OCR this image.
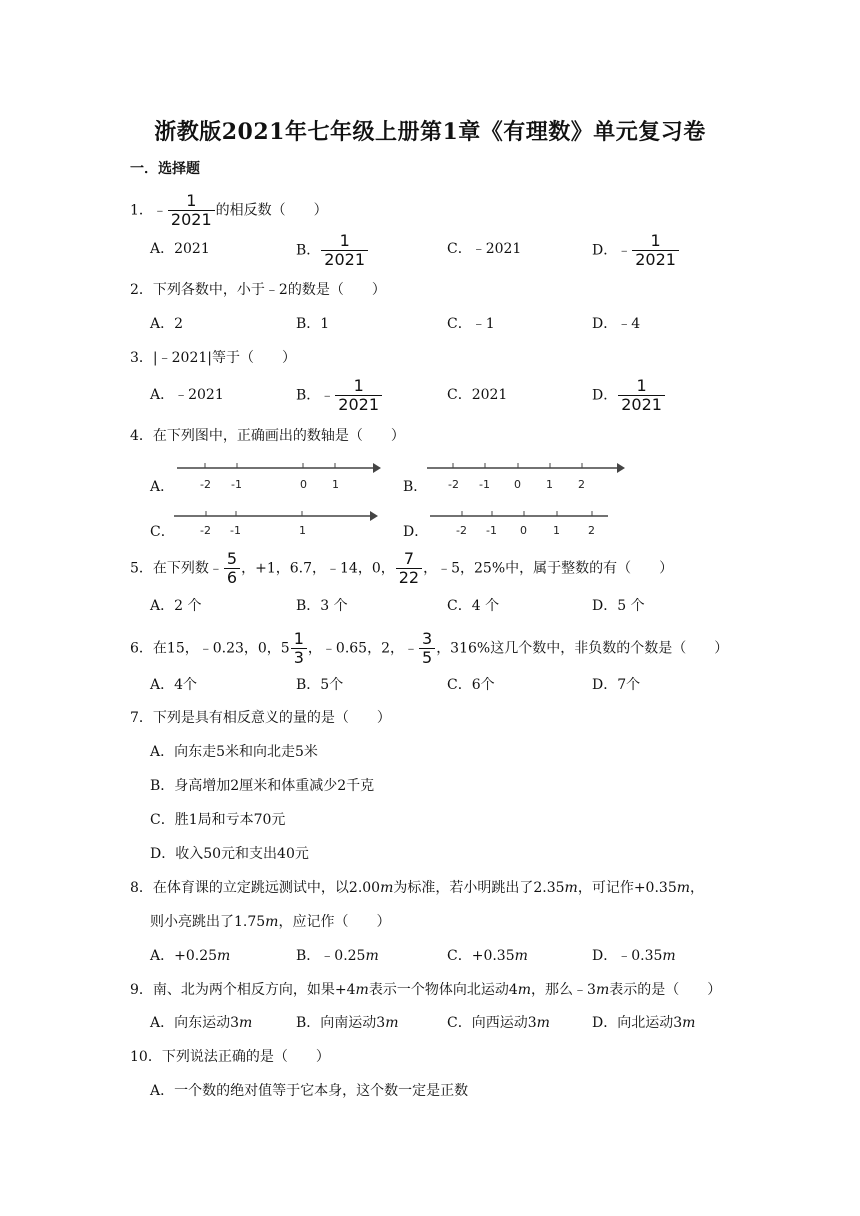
浙教版2021年七年级上册第1章《有理数》单元复习卷
一．选择题
1．﹣ $\frac{1}{2021}$ 的相反数（　　）
A．2021	B． $\frac{1}{2021}$	C．﹣2021	D．﹣ $\frac{1}{2021}$
2．下列各数中，小于﹣2的数是（　　）
A．2	B．1	C．﹣1	D．﹣4
3．|﹣2021|等于（　　）
A．﹣2021	B．﹣ $\frac{1}{2021}$	C．2021	D． $\frac{1}{2021}$
4．在下列图中，正确画出的数轴是（　　）
A． -2 -1	0 1	B． -2 -1 0 1 2
C． -2 -1	1	D．	-2 -1 0 1	2
5．在下列数﹣ $\frac{5}{6}$ ，+1，6.7，﹣14，0， $\frac{7}{22}$ ，﹣5，25%中，属于整数的有（　　）
A．2 个	B．3 个	C．4 个	D．5 个
6．在15，﹣0.23，0，$5 \frac{1}{3}$ ，﹣0.65，2，﹣ $\frac{3}{5}$ ，316%这几个数中，非负数的个数是（　　）
A．4个	B．5个	C．6个	D．7个
7．下列是具有相反意义的量的是（　　）
A．向东走5米和向北走5米
B．身高增加2厘米和体重减少2千克
C．胜1局和亏本70元
D．收入50元和支出40元
8．在体育课的立定跳远测试中，以2.00m为标准，若小明跳出了2.35m，可记作+0.35m，
则小亮跳出了1.75m，应记作（　　）
A．+0.25m	B．﹣0.25m	C．+0.35m	D．﹣0.35m
9．南、北为两个相反方向，如果+4m表示一个物体向北运动4m，那么﹣3m表示的是（　　）
A．向东运动3m	B．向南运动3m	C．向西运动3m	D．向北运动3m
10．下列说法正确的是（　　）
A．一个数的绝对值等于它本身，这个数一定是正数
